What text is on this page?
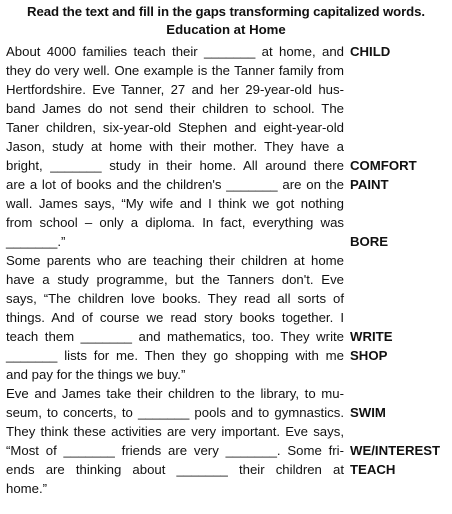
Read the text and fill in the gaps transforming capitalized words.
Education at Home
About 4000 families teach their _______ at home, and
they do very well. One example is the Tanner family from
Hertfordshire. Eve Tanner, 27 and her 29-year-old hus-
band James do not send their children to school. The
Taner children, six-year-old Stephen and eight-year-old
Jason, study at home with their mother. They have a
bright, _______ study in their home. All around there
are a lot of books and the children's _______ are on the
wall. James says, “My wife and I think we got nothing
from school – only a diploma. In fact, everything was
_______.”
Some parents who are teaching their children at home
have a study programme, but the Tanners don't. Eve
says, “The children love books. They read all sorts of
things. And of course we read story books together. I
teach them _______ and mathematics, too. They write
_______ lists for me. Then they go shopping with me
and pay for the things we buy.”
Eve and James take their children to the library, to mu-
seum, to concerts, to _______ pools and to gymnastics.
They think these activities are very important. Eve says,
“Most of _______ friends are very _______. Some fri-
ends are thinking about _______ their children at
home.”
CHILD
COMFORT
PAINT
BORE
WRITE
SHOP
SWIM
WE/INTEREST
TEACH
